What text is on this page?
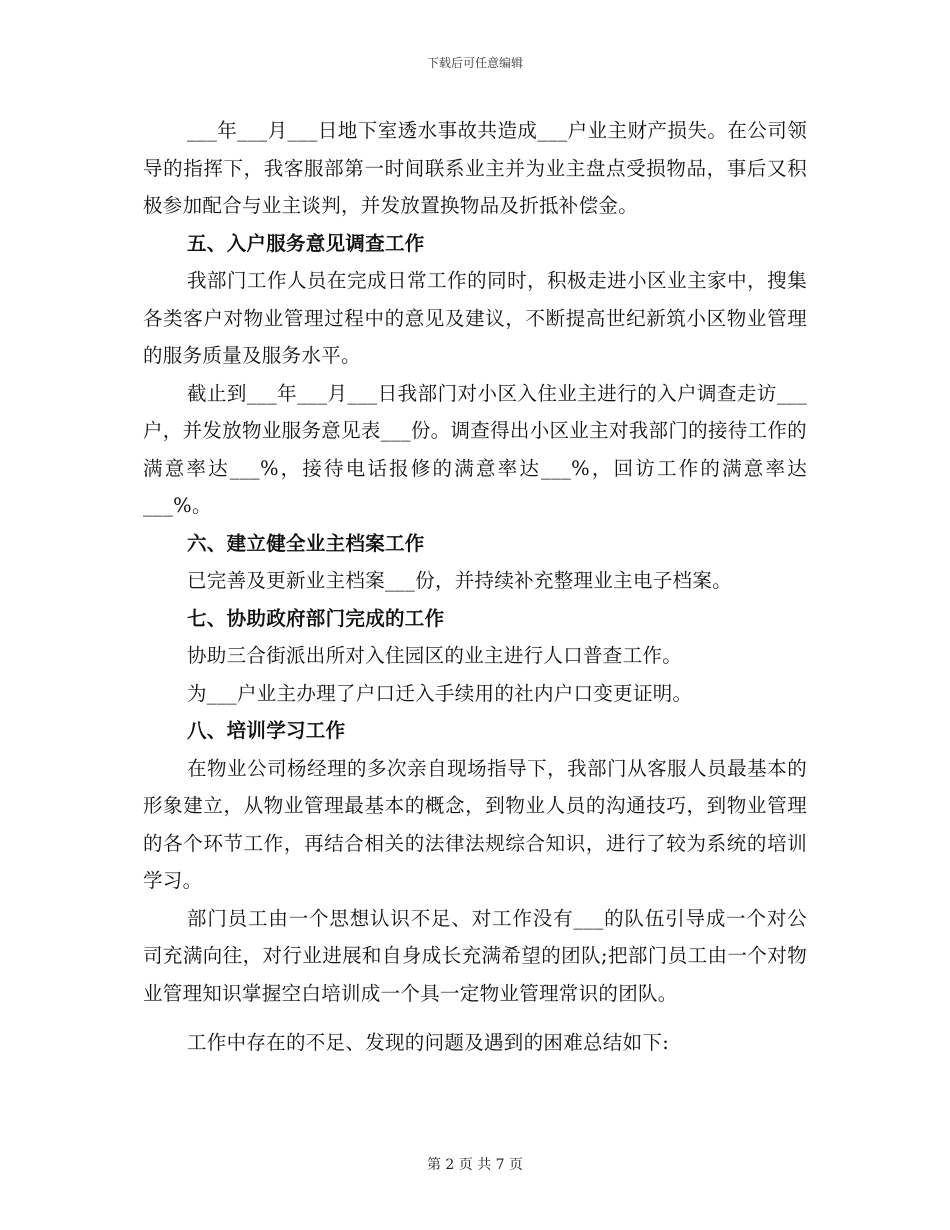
下载后可任意编辑

___年___月___日地下室透水事故共造成___户业主财产损失。在公司领导的指挥下，我客服部第一时间联系业主并为业主盘点受损物品，事后又积极参加配合与业主谈判，并发放置换物品及折抵补偿金。

五、入户服务意见调查工作

我部门工作人员在完成日常工作的同时，积极走进小区业主家中，搜集各类客户对物业管理过程中的意见及建议，不断提高世纪新筑小区物业管理的服务质量及服务水平。

截止到___年___月___日我部门对小区入住业主进行的入户调查走访___户，并发放物业服务意见表___份。调查得出小区业主对我部门的接待工作的满意率达___%，接待电话报修的满意率达___%，回访工作的满意率达___%。

六、建立健全业主档案工作

已完善及更新业主档案___份，并持续补充整理业主电子档案。

七、协助政府部门完成的工作

协助三合街派出所对入住园区的业主进行人口普查工作。

为___户业主办理了户口迁入手续用的社内户口变更证明。

八、培训学习工作

在物业公司杨经理的多次亲自现场指导下，我部门从客服人员最基本的形象建立，从物业管理最基本的概念，到物业人员的沟通技巧，到物业管理的各个环节工作，再结合相关的法律法规综合知识，进行了较为系统的培训学习。

部门员工由一个思想认识不足、对工作没有___的队伍引导成一个对公司充满向往，对行业进展和自身成长充满希望的团队;把部门员工由一个对物业管理知识掌握空白培训成一个具一定物业管理常识的团队。

工作中存在的不足、发现的问题及遇到的困难总结如下:

第 2 页 共 7 页
